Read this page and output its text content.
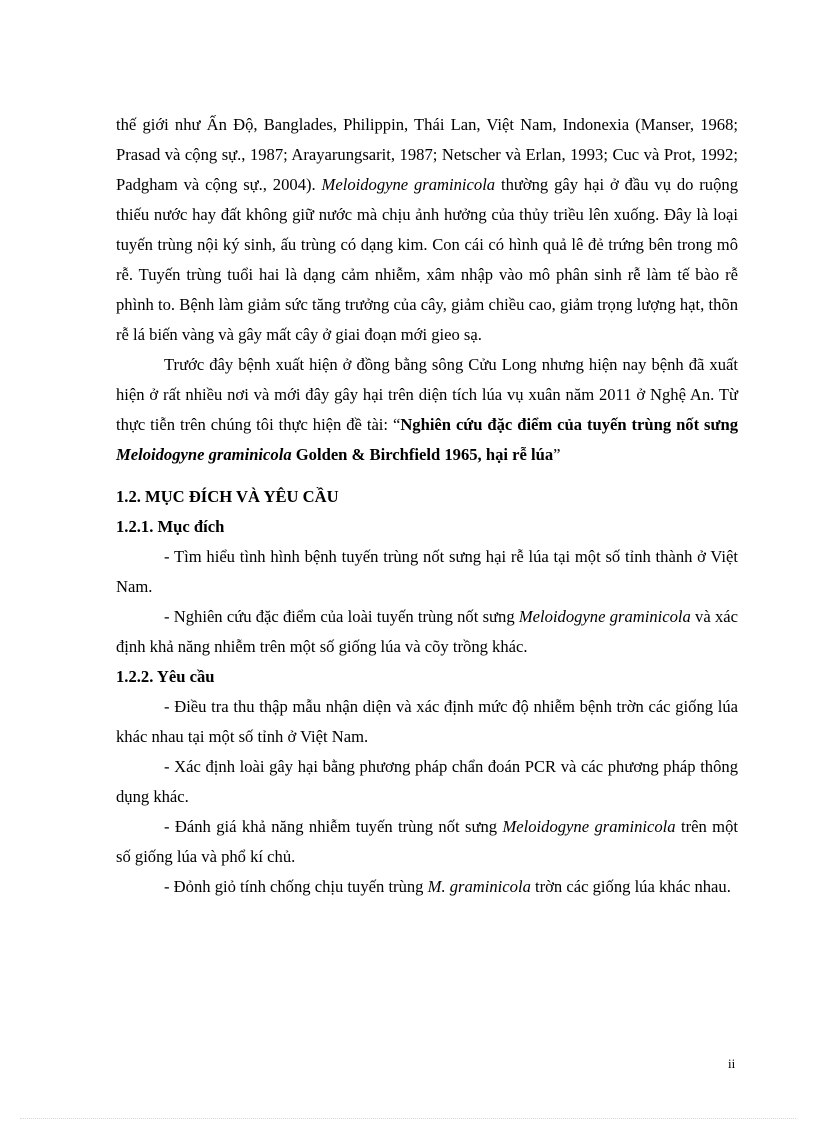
thế giới như Ấn Độ, Banglades, Philippin, Thái Lan, Việt Nam, Indonexia (Manser, 1968; Prasad và cộng sự., 1987; Arayarungsarit, 1987; Netscher và Erlan, 1993; Cuc và Prot, 1992; Padgham và cộng sự., 2004). Meloidogyne graminicola thường gây hại ở đầu vụ do ruộng thiếu nước hay đất không giữ nước mà chịu ảnh hưởng của thủy triều lên xuống. Đây là loại tuyến trùng nội ký sinh, ấu trùng có dạng kim. Con cái có hình quả lê đẻ trứng bên trong mô rễ. Tuyến trùng tuổi hai là dạng cảm nhiễm, xâm nhập vào mô phân sinh rễ làm tế bào rễ phình to. Bệnh làm giảm sức tăng trưởng của cây, giảm chiều cao, giảm trọng lượng hạt, thõn rễ lá biến vàng và gây mất cây ở giai đoạn mới gieo sạ.

Trước đây bệnh xuất hiện ở đồng bằng sông Cửu Long nhưng hiện nay bệnh đã xuất hiện ở rất nhiều nơi và mới đây gây hại trên diện tích lúa vụ xuân năm 2011 ở Nghệ An. Từ thực tiễn trên chúng tôi thực hiện đề tài: “Nghiên cứu đặc điểm của tuyến trùng nốt sưng Meloidogyne graminicola Golden & Birchfield 1965, hại rễ lúa”

1.2. MỤC ĐÍCH VÀ YÊU CẦU

1.2.1. Mục đích

- Tìm hiểu tình hình bệnh tuyến trùng nốt sưng hại rễ lúa tại một số tỉnh thành ở Việt Nam.

- Nghiên cứu đặc điểm của loài tuyến trùng nốt sưng Meloidogyne graminicola và xác định khả năng nhiễm trên một số giống lúa và cõy trồng khác.

1.2.2. Yêu cầu

- Điều tra thu thập mẫu nhận diện và xác định mức độ nhiễm bệnh trờn các giống lúa khác nhau tại một số tỉnh ở Việt Nam.

- Xác định loài gây hại bằng phương pháp chẩn đoán PCR và các phương pháp thông dụng khác.

- Đánh giá khả năng nhiễm tuyến trùng nốt sưng Meloidogyne graminicola trên một số giống lúa và phổ kí chủ.

- Đỏnh giỏ tính chống chịu tuyến trùng M. graminicola trờn các giống lúa khác nhau.

ii
